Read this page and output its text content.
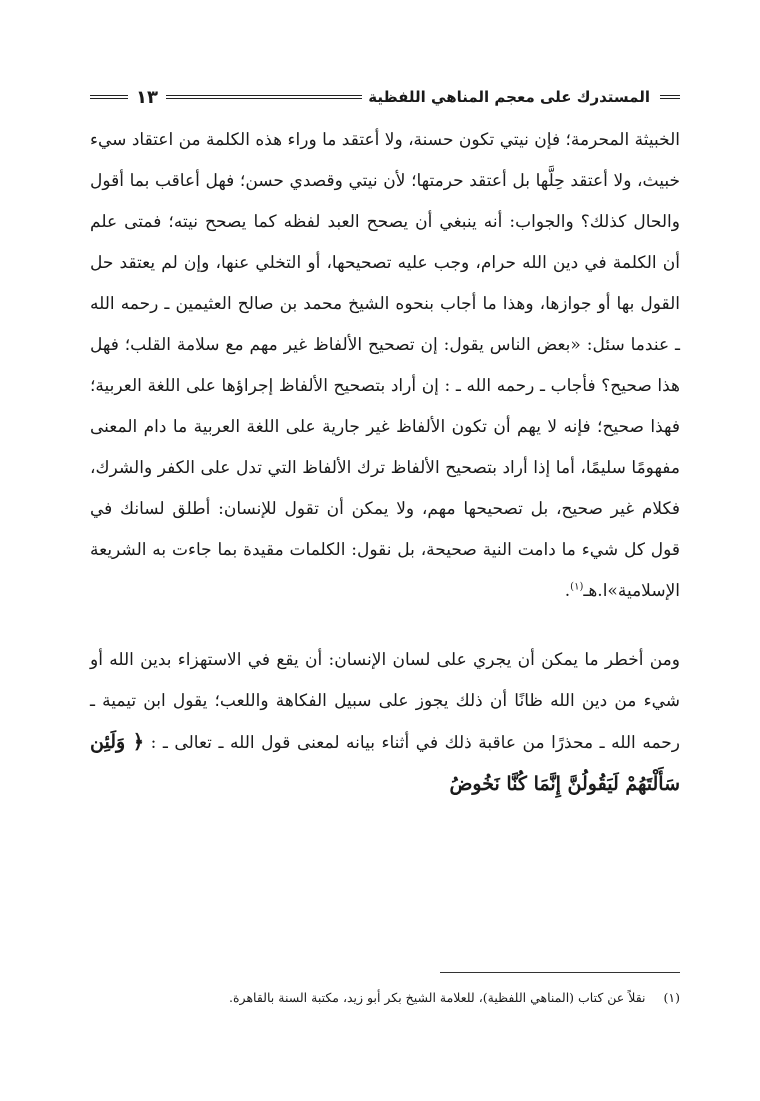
المستدرك على معجم المناهي اللفظية
١٣

الخبيثة المحرمة؛ فإن نيتي تكون حسنة، ولا أعتقد ما وراء هذه الكلمة من اعتقاد سيء خبيث، ولا أعتقد حِلَّها بل أعتقد حرمتها؛ لأن نيتي وقصدي حسن؛ فهل أعاقب بما أقول والحال كذلك؟ والجواب: أنه ينبغي أن يصحح العبد لفظه كما يصحح نيته؛ فمتى علم أن الكلمة في دين الله حرام، وجب عليه تصحيحها، أو التخلي عنها، وإن لم يعتقد حل القول بها أو جوازها، وهذا ما أجاب بنحوه الشيخ محمد بن صالح العثيمين ـ رحمه الله ـ عندما سئل: «بعض الناس يقول: إن تصحيح الألفاظ غير مهم مع سلامة القلب؛ فهل هذا صحيح؟ فأجاب ـ رحمه الله ـ : إن أراد بتصحيح الألفاظ إجراؤها على اللغة العربية؛ فهذا صحيح؛ فإنه لا يهم أن تكون الألفاظ غير جارية على اللغة العربية ما دام المعنى مفهومًا سليمًا، أما إذا أراد بتصحيح الألفاظ ترك الألفاظ التي تدل على الكفر والشرك، فكلام غير صحيح، بل تصحيحها مهم، ولا يمكن أن تقول للإنسان: أطلق لسانك في قول كل شيء ما دامت النية صحيحة، بل نقول: الكلمات مقيدة بما جاءت به الشريعة الإسلامية»ا.هـ$^{(١)}$.

ومن أخطر ما يمكن أن يجري على لسان الإنسان: أن يقع في الاستهزاء بدين الله أو شيء من دين الله ظانًا أن ذلك يجوز على سبيل الفكاهة واللعب؛ يقول ابن تيمية ـ رحمه الله ـ محذرًا من عاقبة ذلك في أثناء بيانه لمعنى قول الله ـ تعالى ـ : ﴿ وَلَئِن سَأَلْتَهُمْ لَيَقُولُنَّ إِنَّمَا كُنَّا نَخُوضُ

(١)نقلاً عن كتاب (المناهي اللفظية)، للعلامة الشيخ بكر أبو زيد، مكتبة السنة بالقاهرة.
